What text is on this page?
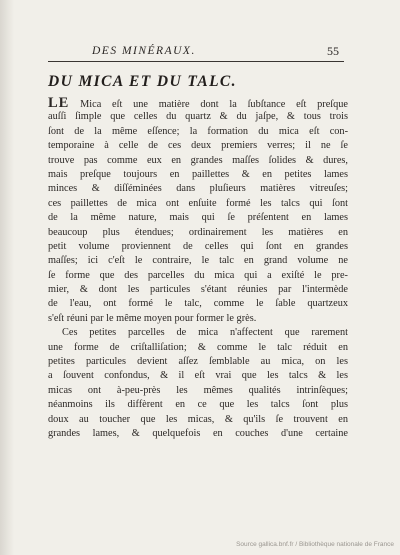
DES MINÉRAUX.	55
DU MICA ET DU TALC.
LE Mica eſt une matière dont la ſubſtance eſt preſque
auſſi ſimple que celles du quartz & du jaſpe, & tous trois
ſont de la même eſſence; la formation du mica eſt con-
temporaine à celle de ces deux premiers verres; il ne ſe
trouve pas comme eux en grandes maſſes ſolides & dures,
mais preſque toujours en paillettes & en petites lames
minces & diſſéminées dans pluſieurs matières vitreuſes;
ces paillettes de mica ont enſuite formé les talcs qui ſont
de la même nature, mais qui ſe préſentent en lames
beaucoup plus étendues; ordinairement les matières en
petit volume proviennent de celles qui ſont en grandes
maſſes; ici c'eſt le contraire, le talc en grand volume ne
ſe forme que des parcelles du mica qui a exiſté le pre-
mier, & dont les particules s'étant réunies par l'intermède
de l'eau, ont formé le talc, comme le ſable quartzeux
s'eſt réuni par le même moyen pour former le grès.
Ces petites parcelles de mica n'affectent que rarement
une forme de criſtalliſation; & comme le talc réduit en
petites particules devient aſſez ſemblable au mica, on les
a ſouvent confondus, & il eſt vrai que les talcs & les
micas ont à-peu-près les mêmes qualités intrinſèques;
néanmoins ils diffèrent en ce que les talcs ſont plus
doux au toucher que les micas, & qu'ils ſe trouvent en
grandes lames, & quelquefois en couches d'une certaine
Source gallica.bnf.fr / Bibliothèque nationale de France
